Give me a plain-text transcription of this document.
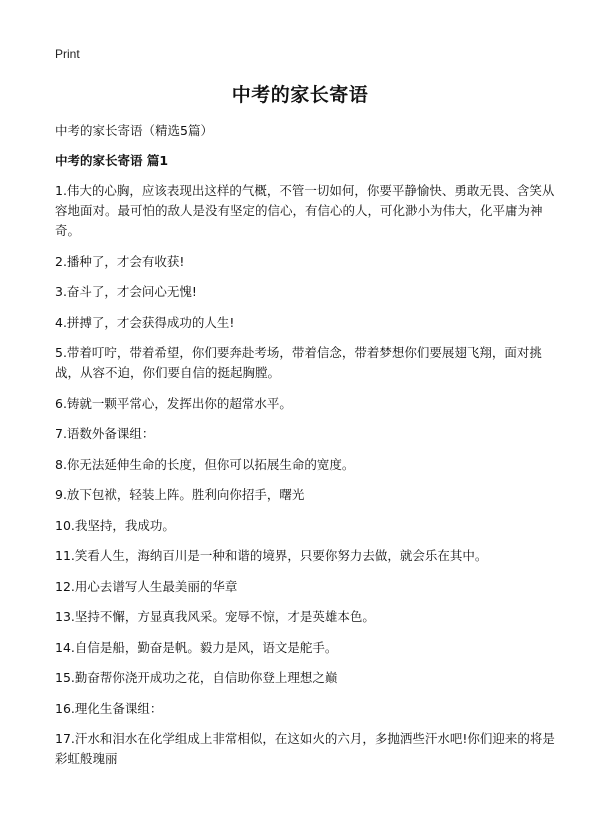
Print
中考的家长寄语
中考的家长寄语（精选5篇）
中考的家长寄语 篇1
1.伟大的心胸，应该表现出这样的气概，不管一切如何，你要平静愉快、勇敢无畏、含笑从容地面对。最可怕的敌人是没有坚定的信心，有信心的人，可化渺小为伟大，化平庸为神奇。
2.播种了，才会有收获!
3.奋斗了，才会问心无愧!
4.拼搏了，才会获得成功的人生!
5.带着叮咛，带着希望，你们要奔赴考场，带着信念，带着梦想你们要展翅飞翔，面对挑战，从容不迫，你们要自信的挺起胸膛。
6.铸就一颗平常心，发挥出你的超常水平。
7.语数外备课组：
8.你无法延伸生命的长度，但你可以拓展生命的宽度。
9.放下包袱，轻装上阵。胜利向你招手，曙光
10.我坚持，我成功。
11.笑看人生，海纳百川是一种和谐的境界，只要你努力去做，就会乐在其中。
12.用心去谱写人生最美丽的华章
13.坚持不懈，方显真我风采。宠辱不惊，才是英雄本色。
14.自信是船，勤奋是帆。毅力是风，语文是舵手。
15.勤奋帮你浇开成功之花，自信助你登上理想之巅
16.理化生备课组：
17.汗水和泪水在化学组成上非常相似，在这如火的六月，多抛洒些汗水吧!你们迎来的将是彩虹般瑰丽
